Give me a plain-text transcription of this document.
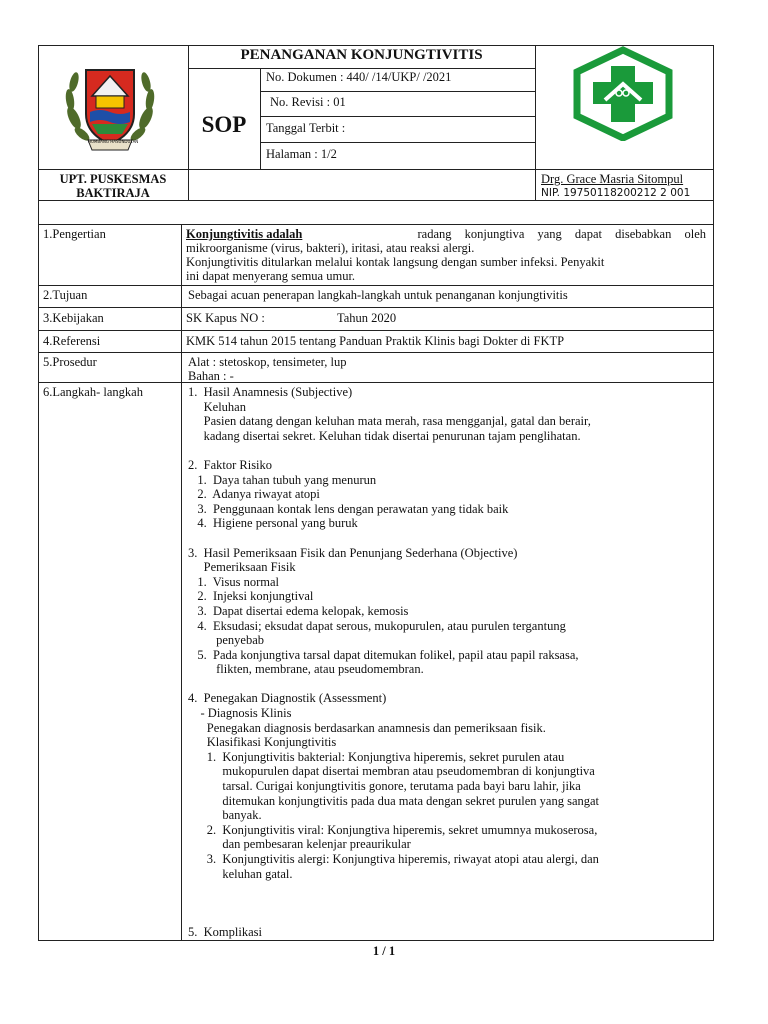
HUMBANG HASUNDUTAN
PENANGANAN KONJUNGTIVITIS
SOP
No. Dokumen : 440/ /14/UKP/ /2021
No. Revisi : 01
Tanggal Terbit :
Halaman : 1/2
UPT. PUSKESMAS
BAKTIRAJA
Drg. Grace Masria Sitompul
NIP. 19750118200212 2 001
1.Pengertian	Konjungtivitis adalah	radang konjungtiva yang dapat disebabkan oleh
mikroorganisme (virus, bakteri), iritasi, atau reaksi alergi.
Konjungtivitis ditularkan melalui kontak langsung dengan sumber infeksi. Penyakit
ini dapat menyerang semua umur.
2.Tujuan	Sebagai acuan penerapan langkah-langkah untuk penanganan konjungtivitis
3.Kebijakan	SK Kapus NO :	Tahun 2020
4.Referensi	KMK 514 tahun 2015 tentang Panduan Praktik Klinis bagi Dokter di FKTP
5.Prosedur	Alat : stetoskop, tensimeter, lup
Bahan : -
6.Langkah- langkah	1.  Hasil Anamnesis (Subjective)
Keluhan
Pasien datang dengan keluhan mata merah, rasa mengganjal, gatal dan berair,
kadang disertai sekret. Keluhan tidak disertai penurunan tajam penglihatan.
2.  Faktor Risiko
1.  Daya tahan tubuh yang menurun
2.  Adanya riwayat atopi
3.  Penggunaan kontak lens dengan perawatan yang tidak baik
4.  Higiene personal yang buruk
3.  Hasil Pemeriksaan Fisik dan Penunjang Sederhana (Objective)
Pemeriksaan Fisik
1.  Visus normal
2.  Injeksi konjungtival
3.  Dapat disertai edema kelopak, kemosis
4.  Eksudasi; eksudat dapat serous, mukopurulen, atau purulen tergantung
penyebab
5.  Pada konjungtiva tarsal dapat ditemukan folikel, papil atau papil raksasa,
flikten, membrane, atau pseudomembran.
4.  Penegakan Diagnostik (Assessment)
- Diagnosis Klinis
Penegakan diagnosis berdasarkan anamnesis dan pemeriksaan fisik.
Klasifikasi Konjungtivitis
1.  Konjungtivitis bakterial: Konjungtiva hiperemis, sekret purulen atau
mukopurulen dapat disertai membran atau pseudomembran di konjungtiva
tarsal. Curigai konjungtivitis gonore, terutama pada bayi baru lahir, jika
ditemukan konjungtivitis pada dua mata dengan sekret purulen yang sangat
banyak.
2.  Konjungtivitis viral: Konjungtiva hiperemis, sekret umumnya mukoserosa,
dan pembesaran kelenjar preaurikular
3.  Konjungtivitis alergi: Konjungtiva hiperemis, riwayat atopi atau alergi, dan
keluhan gatal.
5.  Komplikasi
1 / 1
